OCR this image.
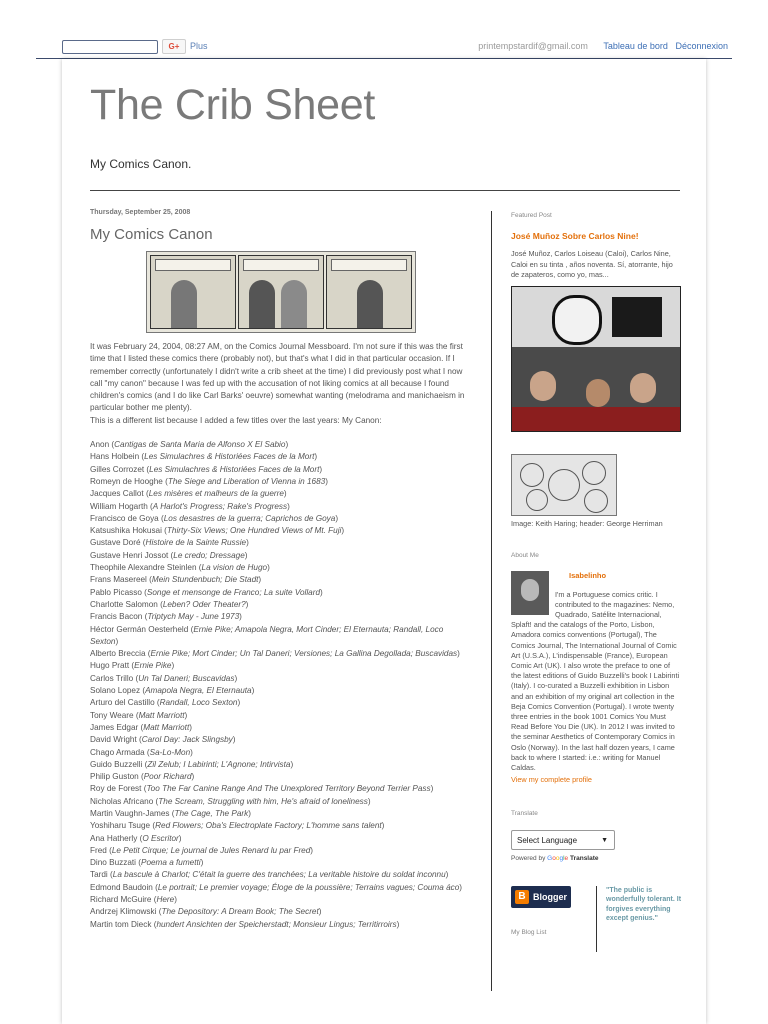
G+	Plus	printempstardif@gmail.com Tableau de bord Déconnexion
The Crib Sheet
My Comics Canon.
Thursday, September 25, 2008
My Comics Canon
It was February 24, 2004, 08:27 AM, on the Comics Journal Messboard. I'm not sure if this was the first time that I listed these comics there (probably not), but that's what I did in that particular occasion. If I remember correctly (unfortunately I didn't write a crib sheet at the time) I did previously post what I now call "my canon" because I was fed up with the accusation of not liking comics at all because I found children's comics (and I do like Carl Barks' oeuvre) somewhat wanting (melodrama and manichaeism in particular bother me plenty).

This is a different list because I added a few titles over the last years: My Canon:

Anon (Cantigas de Santa Maria de Alfonso X El Sabio)
Hans Holbein (Les Simulachres & Historiées Faces de la Mort)
Gilles Corrozet (Les Simulachres & Historiées Faces de la Mort)
Romeyn de Hooghe (The Siege and Liberation of Vienna in 1683)
Jacques Callot (Les misères et malheurs de la guerre)
William Hogarth (A Harlot's Progress; Rake's Progress)
Francisco de Goya (Los desastres de la guerra; Caprichos de Goya)
Katsushika Hokusai (Thirty-Six Views; One Hundred Views of Mt. Fuji)
Gustave Doré (Histoire de la Sainte Russie)
Gustave Henri Jossot (Le credo; Dressage)
Theophile Alexandre Steinlen (La vision de Hugo)
Frans Masereel (Mein Stundenbuch; Die Stadt)
Pablo Picasso (Songe et mensonge de Franco; La suite Vollard)
Charlotte Salomon (Leben? Oder Theater?)
Francis Bacon (Triptych May - June 1973)
Héctor Germán Oesterheld (Ernie Pike; Amapola Negra, Mort Cinder; El Eternauta; Randall, Loco Sexton)
Alberto Breccia (Ernie Pike; Mort Cinder; Un Tal Daneri; Versiones; La Gallina Degollada; Buscavidas)
Hugo Pratt (Ernie Pike)
Carlos Trillo (Un Tal Daneri; Buscavidas)
Solano Lopez (Amapola Negra, El Eternauta)
Arturo del Castillo (Randall, Loco Sexton)
Tony Weare (Matt Marriott)
James Edgar (Matt Marriott)
David Wright (Carol Day: Jack Slingsby)
Chago Armada (Sa-Lo-Mon)
Guido Buzzelli (Zil Zelub; I Labirinti; L'Agnone; Intirvista)
Philip Guston (Poor Richard)
Roy de Forest (Too The Far Canine Range And The Unexplored Territory Beyond Terrier Pass)
Nicholas Africano (The Scream, Struggling with him, He's afraid of loneliness)
Martin Vaughn-James (The Cage, The Park)
Yoshiharu Tsuge (Red Flowers; Oba's Electroplate Factory; L'homme sans talent)
Ana Hatherly (O Escritor)
Fred (Le Petit Cirque; Le journal de Jules Renard lu par Fred)
Dino Buzzati (Poema a fumetti)
Tardi (La bascule à Charlot; C'était la guerre des tranchées; La veritable histoire du soldat inconnu)
Edmond Baudoin (Le portrait; Le premier voyage; Éloge de la poussière; Terrains vagues; Couma áco)
Richard McGuire (Here)
Andrzej Klimowski (The Depository: A Dream Book; The Secret)
Martin tom Dieck (hundert Ansichten der Speicherstadt; Monsieur Lingus; Territirroirs)
Featured Post
José Muñoz Sobre Carlos Nine!
José Muñoz, Carlos Loiseau (Caloi), Carlos Nine, Caloi en su tinta , años noventa. Sí, atorrante, hijo de zapateros, como yo, mas...
Image: Keith Haring; header: George Herriman
About Me
Isabelinho
I'm a Portuguese comics critic. I contributed to the magazines: Nemo, Quadrado, Satélite Internacional, Splaft! and the catalogs of the Porto, Lisbon, Amadora comics conventions (Portugal), The Comics Journal, The International Journal of Comic Art (U.S.A.), L'indispensable (France), European Comic Art (UK). I also wrote the preface to one of the latest editions of Guido Buzzelli's book I Labirinti (Italy). I co-curated a Buzzelli exhibition in Lisbon and an exhibition of my original art collection in the Beja Comics Convention (Portugal). I wrote twenty three entries in the book 1001 Comics You Must Read Before You Die (UK). In 2012 I was invited to the seminar Aesthetics of Contemporary Comics in Oslo (Norway). In the last half dozen years, I came back to where I started: i.e.: writing for Manuel Caldas.
View my complete profile
Translate
Select Language	▼
Powered by Google Translate
B Blogger
My Blog List
"The public is wonderfully tolerant. It forgives everything except genius."
